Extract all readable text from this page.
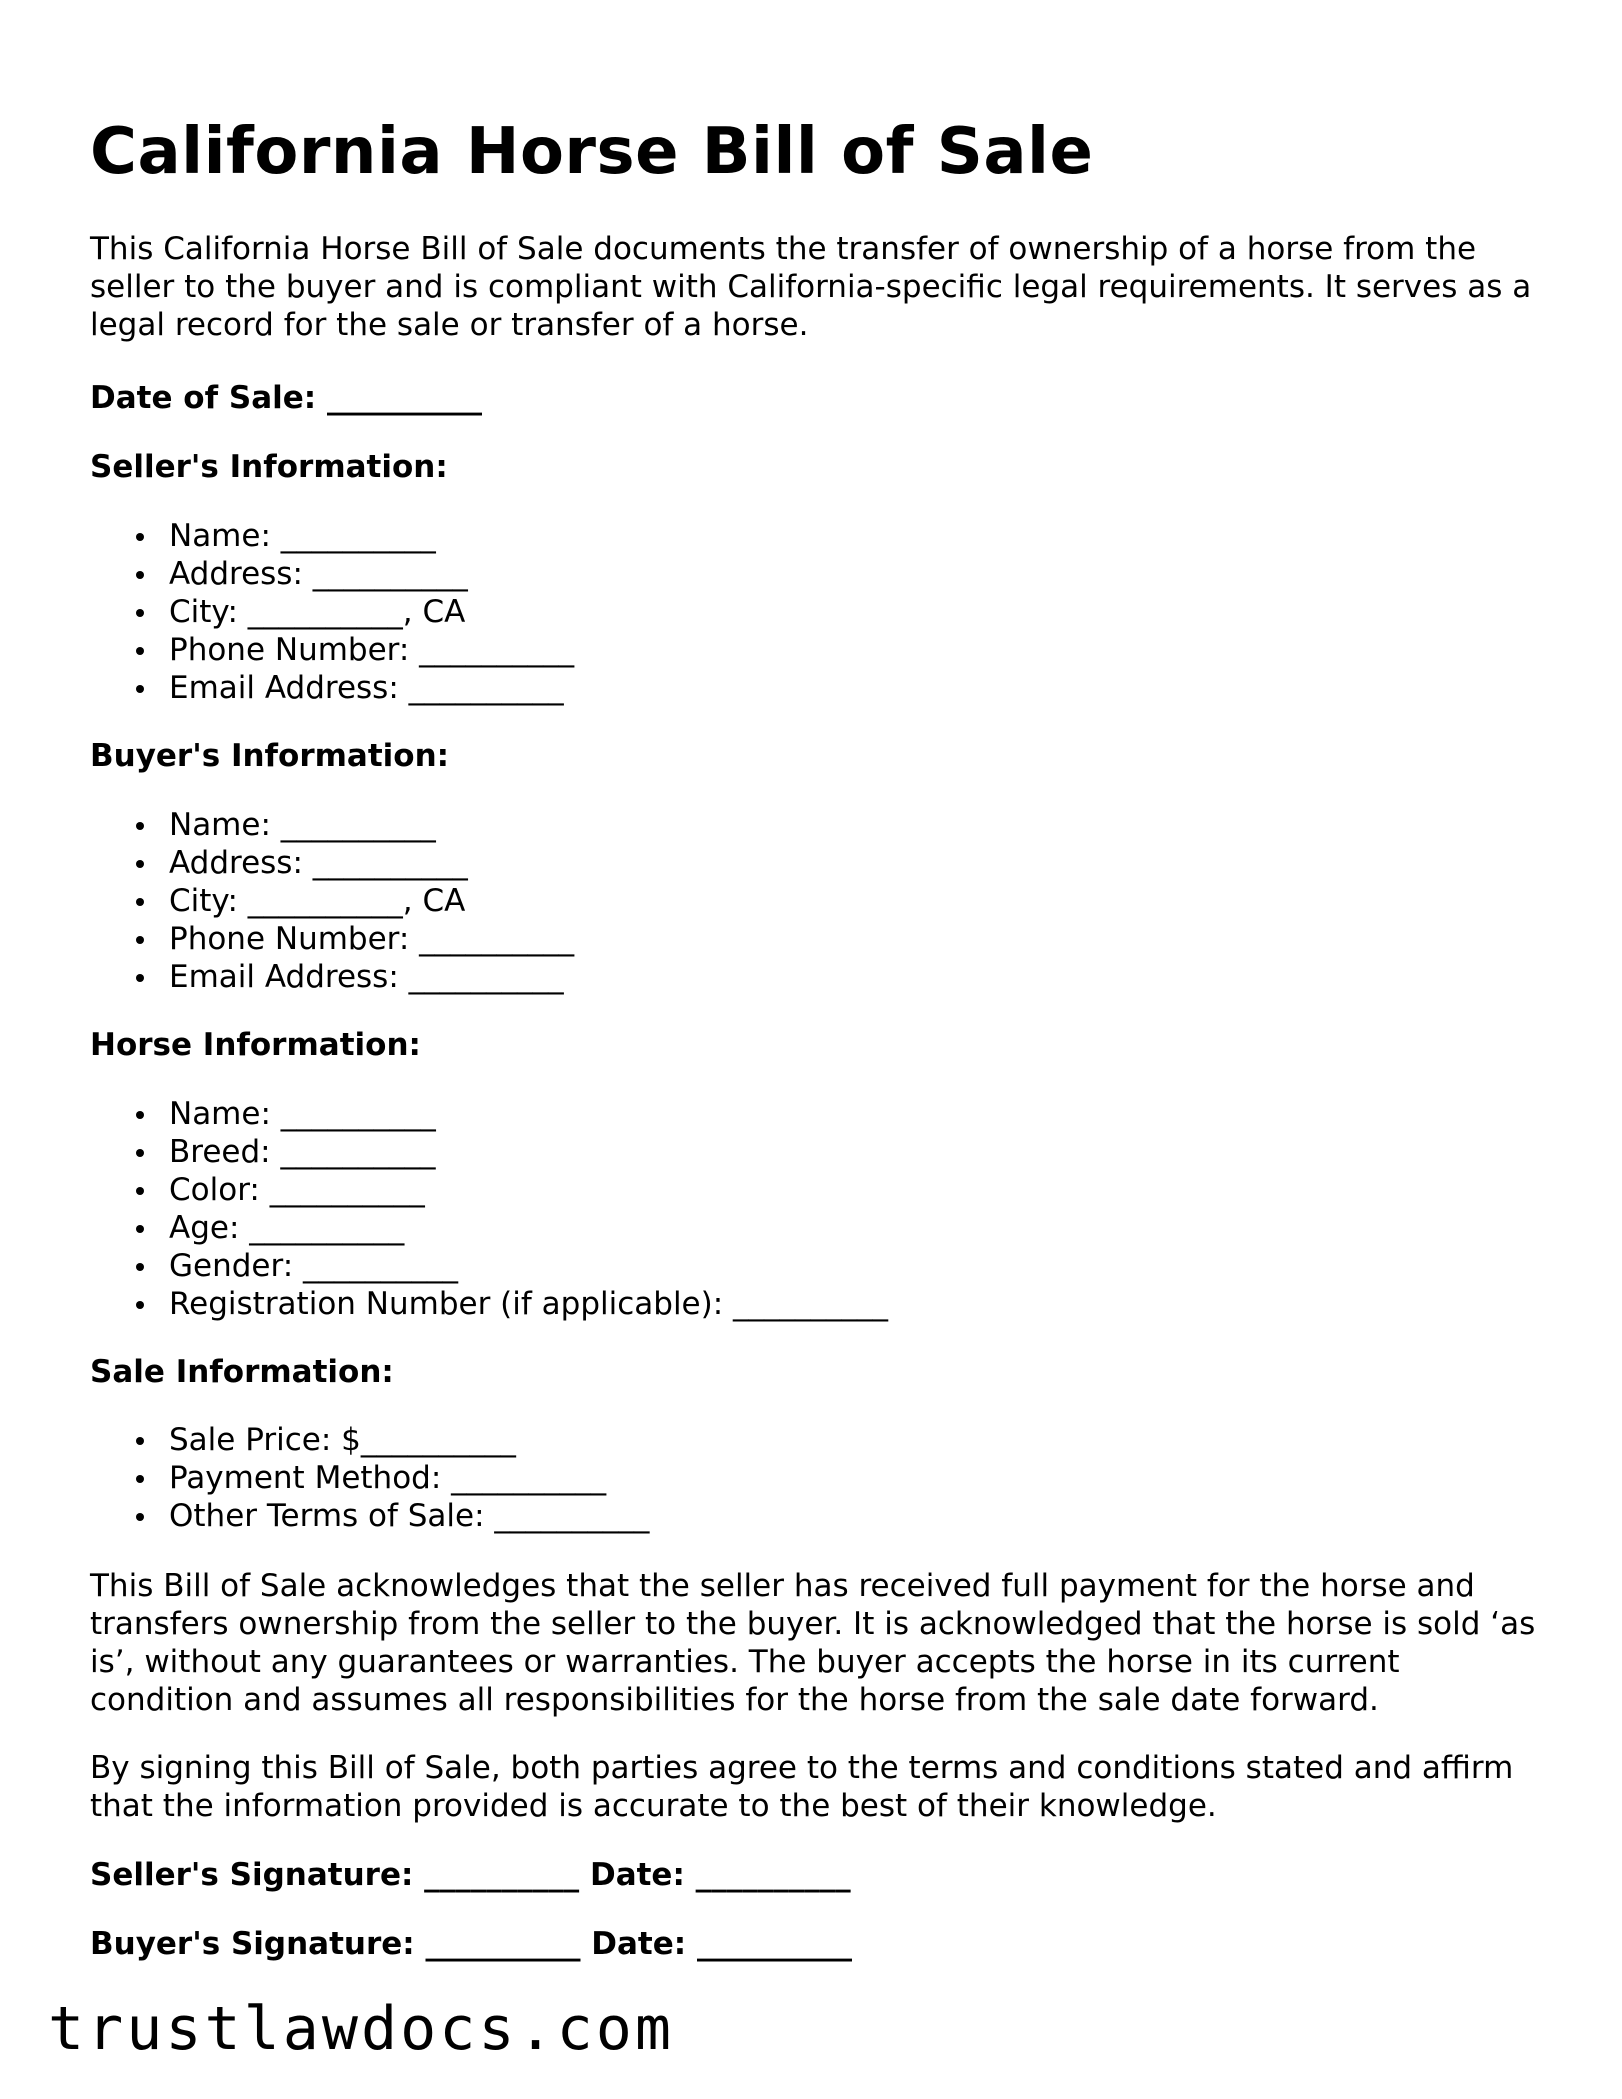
California Horse Bill of Sale

This California Horse Bill of Sale documents the transfer of ownership of a horse from the seller to the buyer and is compliant with California-specific legal requirements. It serves as a legal record for the sale or transfer of a horse.

Date of Sale: __________
Seller's Information:
Name: __________
Address: __________
City: __________, CA
Phone Number: __________
Email Address: __________
Buyer's Information:
Name: __________
Address: __________
City: __________, CA
Phone Number: __________
Email Address: __________
Horse Information:
Name: __________
Breed: __________
Color: __________
Age: __________
Gender: __________
Registration Number (if applicable): __________
Sale Information:
Sale Price: $__________
Payment Method: __________
Other Terms of Sale: __________

This Bill of Sale acknowledges that the seller has received full payment for the horse and transfers ownership from the seller to the buyer. It is acknowledged that the horse is sold ‘as is’, without any guarantees or warranties. The buyer accepts the horse in its current condition and assumes all responsibilities for the horse from the sale date forward.

By signing this Bill of Sale, both parties agree to the terms and conditions stated and affirm that the information provided is accurate to the best of their knowledge.

Seller's Signature: __________ Date: __________
Buyer's Signature: __________ Date: __________
trustlawdocs.com
